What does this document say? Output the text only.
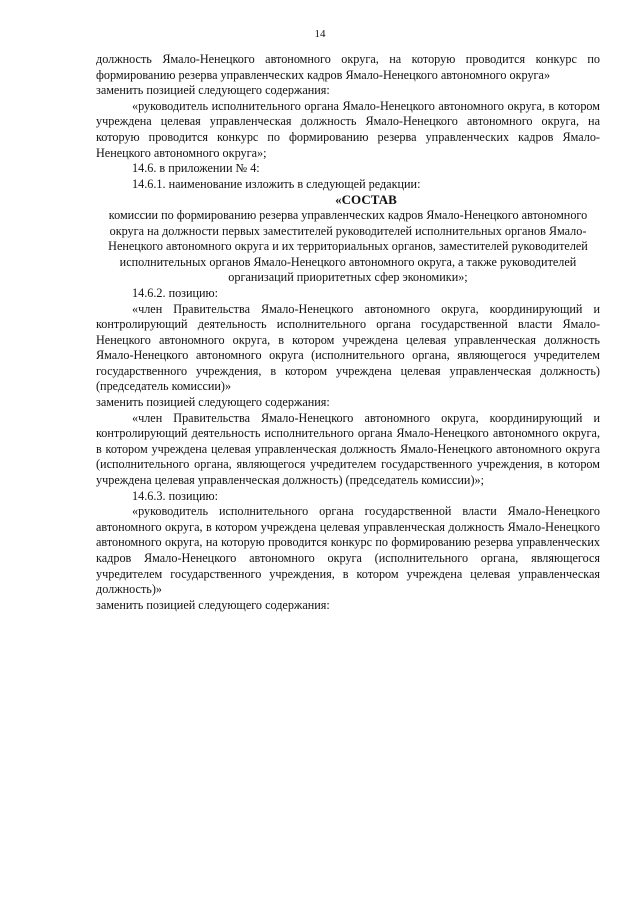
14

должность Ямало-Ненецкого автономного округа, на которую проводится конкурс по формированию резерва управленческих кадров Ямало-Ненецкого автономного округа»

заменить позицией следующего содержания:

«руководитель исполнительного органа Ямало-Ненецкого автономного округа, в котором учреждена целевая управленческая должность Ямало-Ненецкого автономного округа, на которую проводится конкурс по формированию резерва управленческих кадров Ямало-Ненецкого автономного округа»;

14.6. в приложении № 4:

14.6.1. наименование изложить в следующей редакции:

«СОСТАВ

комиссии по формированию резерва управленческих кадров Ямало-Ненецкого автономного округа на должности первых заместителей руководителей исполнительных органов Ямало-Ненецкого автономного округа и их территориальных органов, заместителей руководителей исполнительных органов Ямало-Ненецкого автономного округа, а также руководителей организаций приоритетных сфер экономики»;

14.6.2. позицию:

«член Правительства Ямало-Ненецкого автономного округа, координирующий и контролирующий деятельность исполнительного органа государственной власти Ямало-Ненецкого автономного округа, в котором учреждена целевая управленческая должность Ямало-Ненецкого автономного округа (исполнительного органа, являющегося учредителем государственного учреждения, в котором учреждена целевая управленческая должность) (председатель комиссии)»

заменить позицией следующего содержания:

«член Правительства Ямало-Ненецкого автономного округа, координирующий и контролирующий деятельность исполнительного органа Ямало-Ненецкого автономного округа, в котором учреждена целевая управленческая должность Ямало-Ненецкого автономного округа (исполнительного органа, являющегося учредителем государственного учреждения, в котором учреждена целевая управленческая должность) (председатель комиссии)»;

14.6.3. позицию:

«руководитель исполнительного органа государственной власти Ямало-Ненецкого автономного округа, в котором учреждена целевая управленческая должность Ямало-Ненецкого автономного округа, на которую проводится конкурс по формированию резерва управленческих кадров Ямало-Ненецкого автономного округа (исполнительного органа, являющегося учредителем государственного учреждения, в котором учреждена целевая управленческая должность)»

заменить позицией следующего содержания:
